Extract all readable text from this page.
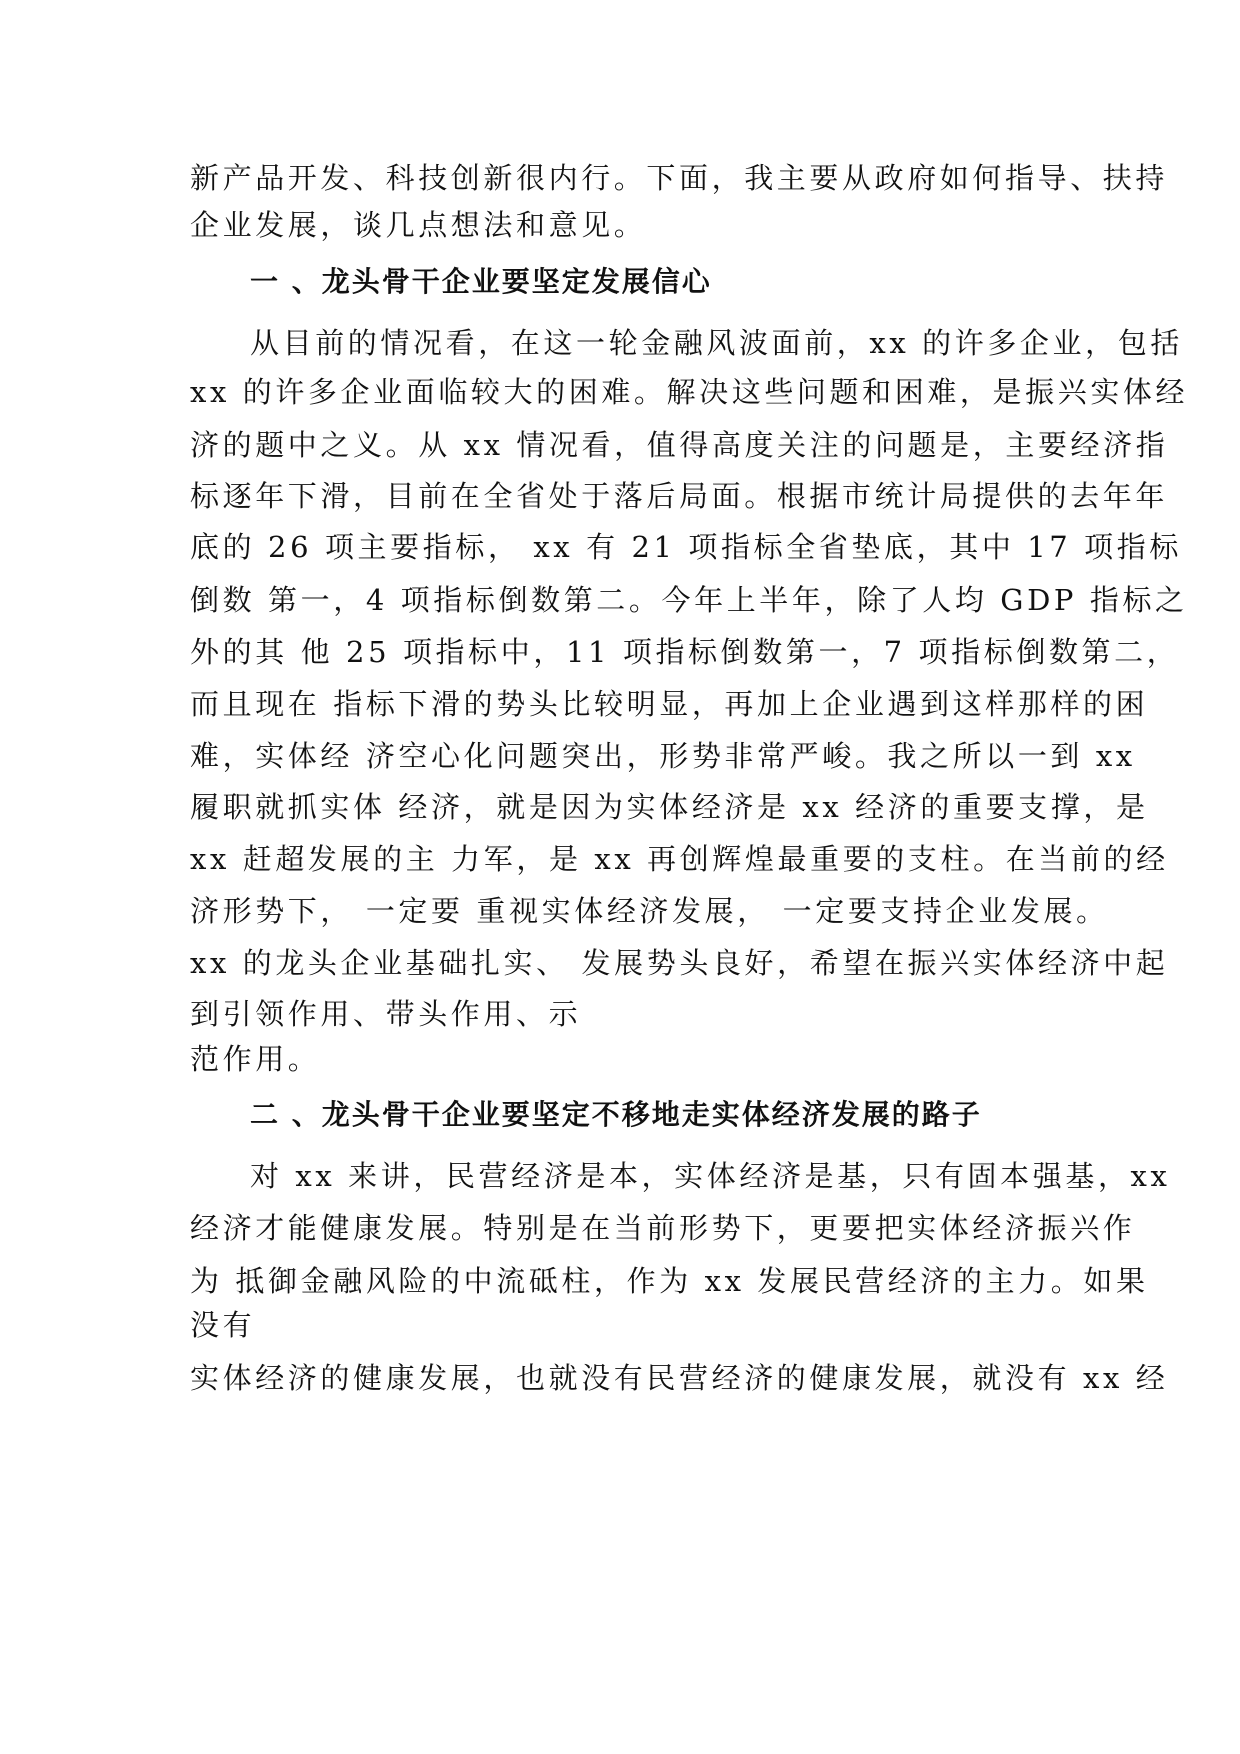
新产品开发、科技创新很内行。下面，我主要从政府如何指导、扶持
企业发展，谈几点想法和意见。
一 、龙头骨干企业要坚定发展信心
从目前的情况看，在这一轮金融风波面前，xx 的许多企业，包括
xx 的许多企业面临较大的困难。解决这些问题和困难，是振兴实体经
济的题中之义。从 xx 情况看，值得高度关注的问题是，主要经济指
标逐年下滑，目前在全省处于落后局面。根据市统计局提供的去年年
底的 26 项主要指标， xx 有 21 项指标全省垫底，其中 17 项指标
倒数 第一，4 项指标倒数第二。今年上半年，除了人均 GDP 指标之
外的其 他 25 项指标中，11 项指标倒数第一，7 项指标倒数第二，
而且现在 指标下滑的势头比较明显，再加上企业遇到这样那样的困
难，实体经 济空心化问题突出，形势非常严峻。我之所以一到 xx
履职就抓实体 经济，就是因为实体经济是 xx 经济的重要支撑，是
xx 赶超发展的主 力军，是 xx 再创辉煌最重要的支柱。在当前的经
济形势下， 一定要 重视实体经济发展， 一定要支持企业发展。
xx 的龙头企业基础扎实、 发展势头良好，希望在振兴实体经济中起
到引领作用、带头作用、示
范作用。
二 、龙头骨干企业要坚定不移地走实体经济发展的路子
对 xx 来讲，民营经济是本，实体经济是基，只有固本强基，xx
经济才能健康发展。特别是在当前形势下，更要把实体经济振兴作
为 抵御金融风险的中流砥柱，作为 xx 发展民营经济的主力。如果
没有
实体经济的健康发展，也就没有民营经济的健康发展，就没有 xx 经
